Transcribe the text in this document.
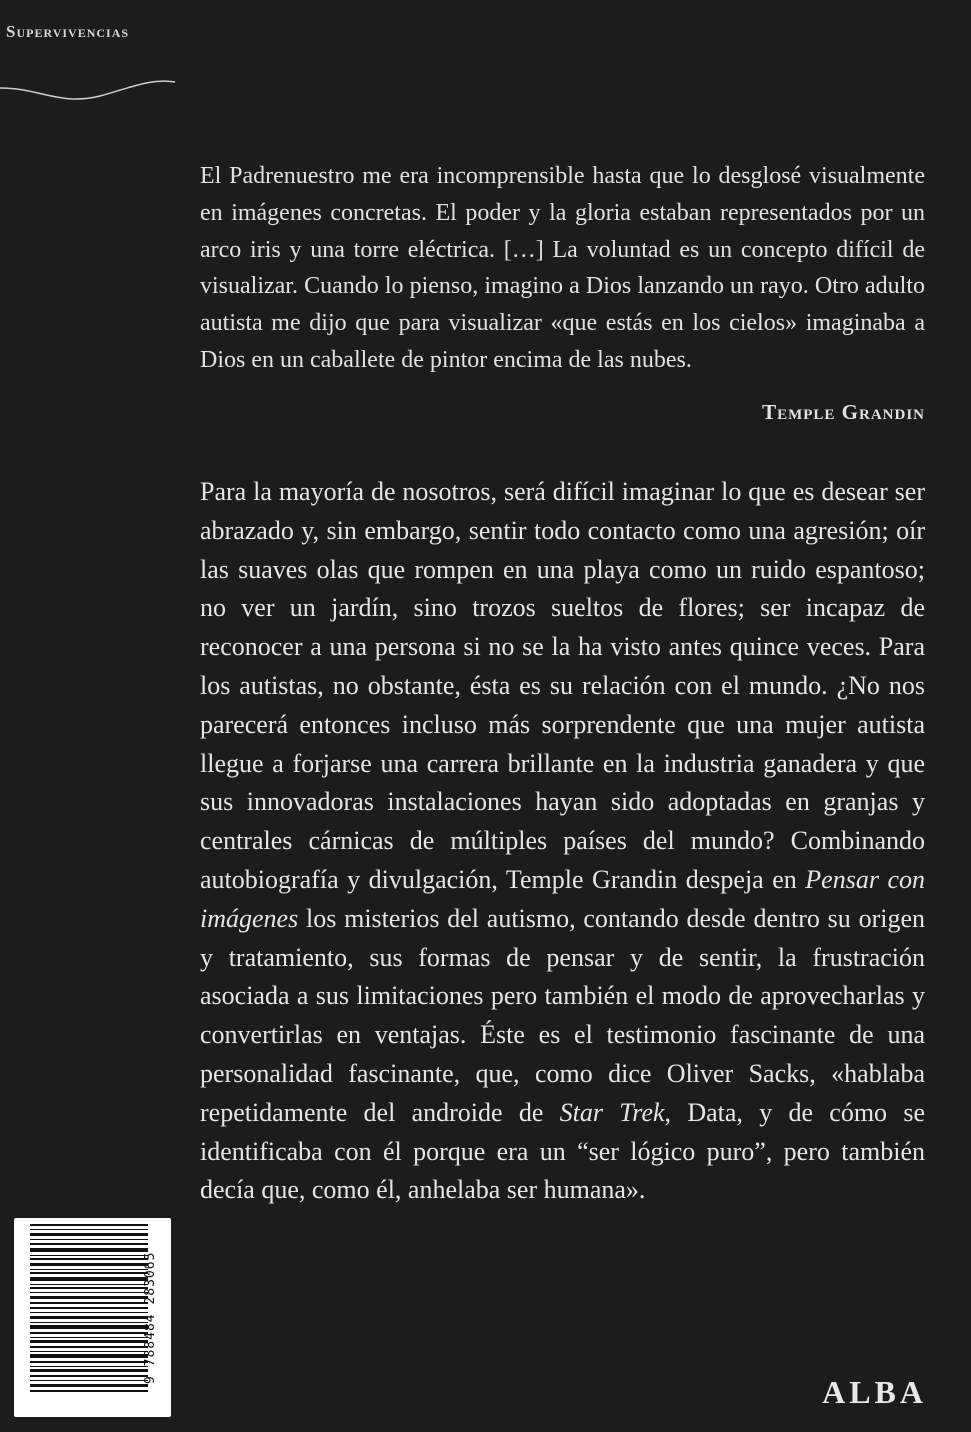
Supervivencias

El Padrenuestro me era incomprensible hasta que lo desglosé visualmente en imágenes concretas. El poder y la gloria estaban representados por un arco iris y una torre eléctrica. […] La voluntad es un concepto difícil de visualizar. Cuando lo pienso, imagino a Dios lanzando un rayo. Otro adulto autista me dijo que para visualizar «que estás en los cielos» imaginaba a Dios en un caballete de pintor encima de las nubes.

Temple Grandin

Para la mayoría de nosotros, será difícil imaginar lo que es desear ser abrazado y, sin embargo, sentir todo contacto como una agresión; oír las suaves olas que rompen en una playa como un ruido espantoso; no ver un jardín, sino trozos sueltos de flores; ser incapaz de reconocer a una persona si no se la ha visto antes quince veces. Para los autistas, no obstante, ésta es su relación con el mundo. ¿No nos parecerá entonces incluso más sorprendente que una mujer autista llegue a forjarse una carrera brillante en la industria ganadera y que sus innovadoras instalaciones hayan sido adoptadas en granjas y centrales cárnicas de múltiples países del mundo? Combinando autobiografía y divulgación, Temple Grandin despeja en Pensar con imágenes los misterios del autismo, contando desde dentro su origen y tratamiento, sus formas de pensar y de sentir, la frustración asociada a sus limitaciones pero también el modo de aprovecharlas y convertirlas en ventajas. Éste es el testimonio fascinante de una personalidad fascinante, que, como dice Oliver Sacks, «hablaba repetidamente del androide de Star Trek, Data, y de cómo se identificaba con él porque era un “ser lógico puro”, pero también decía que, como él, anhelaba ser humana».

9 788484 283065
ALBA
